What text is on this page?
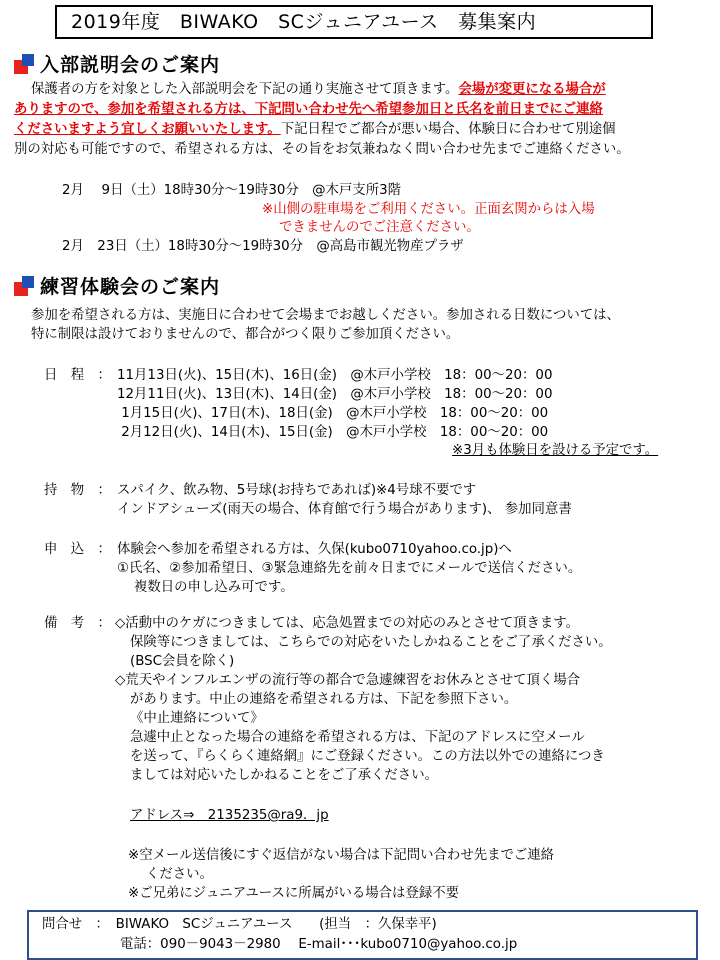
2019年度　BIWAKO　SCジュニアユース　募集案内
入部説明会のご案内
保護者の方を対象とした入部説明会を下記の通り実施させて頂きます。会場が変更になる場合が
ありますので、参加を希望される方は、下記問い合わせ先へ希望参加日と氏名を前日までにご連絡
くださいますよう宜しくお願いいたします。下記日程でご都合が悪い場合、体験日に合わせて別途個
別の対応も可能ですので、希望される方は、その旨をお気兼ねなく問い合わせ先までご連絡ください。
2月　 9日（土）18時30分～19時30分　@木戸支所3階
※山側の駐車場をご利用ください。正面玄関からは入場
できませんのでご注意ください。
2月　23日（土）18時30分～19時30分　@高島市観光物産プラザ
練習体験会のご案内
参加を希望される方は、実施日に合わせて会場までお越しください。参加される日数については、
特に制限は設けておりませんので、都合がつく限りご参加頂ください。
日　程　： 11月13日(火)、15日(木)、16日(金)　@木戸小学校　18：00～20：00
12月11日(火)、13日(木)、14日(金)　@木戸小学校　18：00～20：00
1月15日(火)、17日(木)、18日(金)　@木戸小学校　18：00～20：00
2月12日(火)、14日(木)、15日(金)　@木戸小学校　18：00～20：00
※3月も体験日を設ける予定です。
持　物　： スパイク、飲み物、5号球(お持ちであれば)※4号球不要です
インドアシューズ(雨天の場合、体育館で行う場合があります)、 参加同意書
申　込　： 体験会へ参加を希望される方は、久保(kubo0710yahoo.co.jp)へ
①氏名、②参加希望日、③緊急連絡先を前々日までにメールで送信ください。
複数日の申し込み可です。
備　考　： ◇活動中のケガにつきましては、応急処置までの対応のみとさせて頂きます。
保険等につきましては、こちらでの対応をいたしかねることをご了承ください。
(BSC会員を除く)
◇荒天やインフルエンザの流行等の都合で急遽練習をお休みとさせて頂く場合
があります。中止の連絡を希望される方は、下記を参照下さい。
《中止連絡について》
急遽中止となった場合の連絡を希望される方は、下記のアドレスに空メール
を送って、『らくらく連絡網』にご登録ください。この方法以外での連絡につき
ましては対応いたしかねることをご了承ください。
アドレス⇒　2135235@ra9．jp
※空メール送信後にすぐ返信がない場合は下記問い合わせ先までご連絡
ください。
※ご兄弟にジュニアユースに所属がいる場合は登録不要
問合せ　：　BIWAKO　SCジュニアユース　　(担当　：久保幸平)
電話：090－9043－2980　 E-mail･･･kubo0710@yahoo.co.jp
